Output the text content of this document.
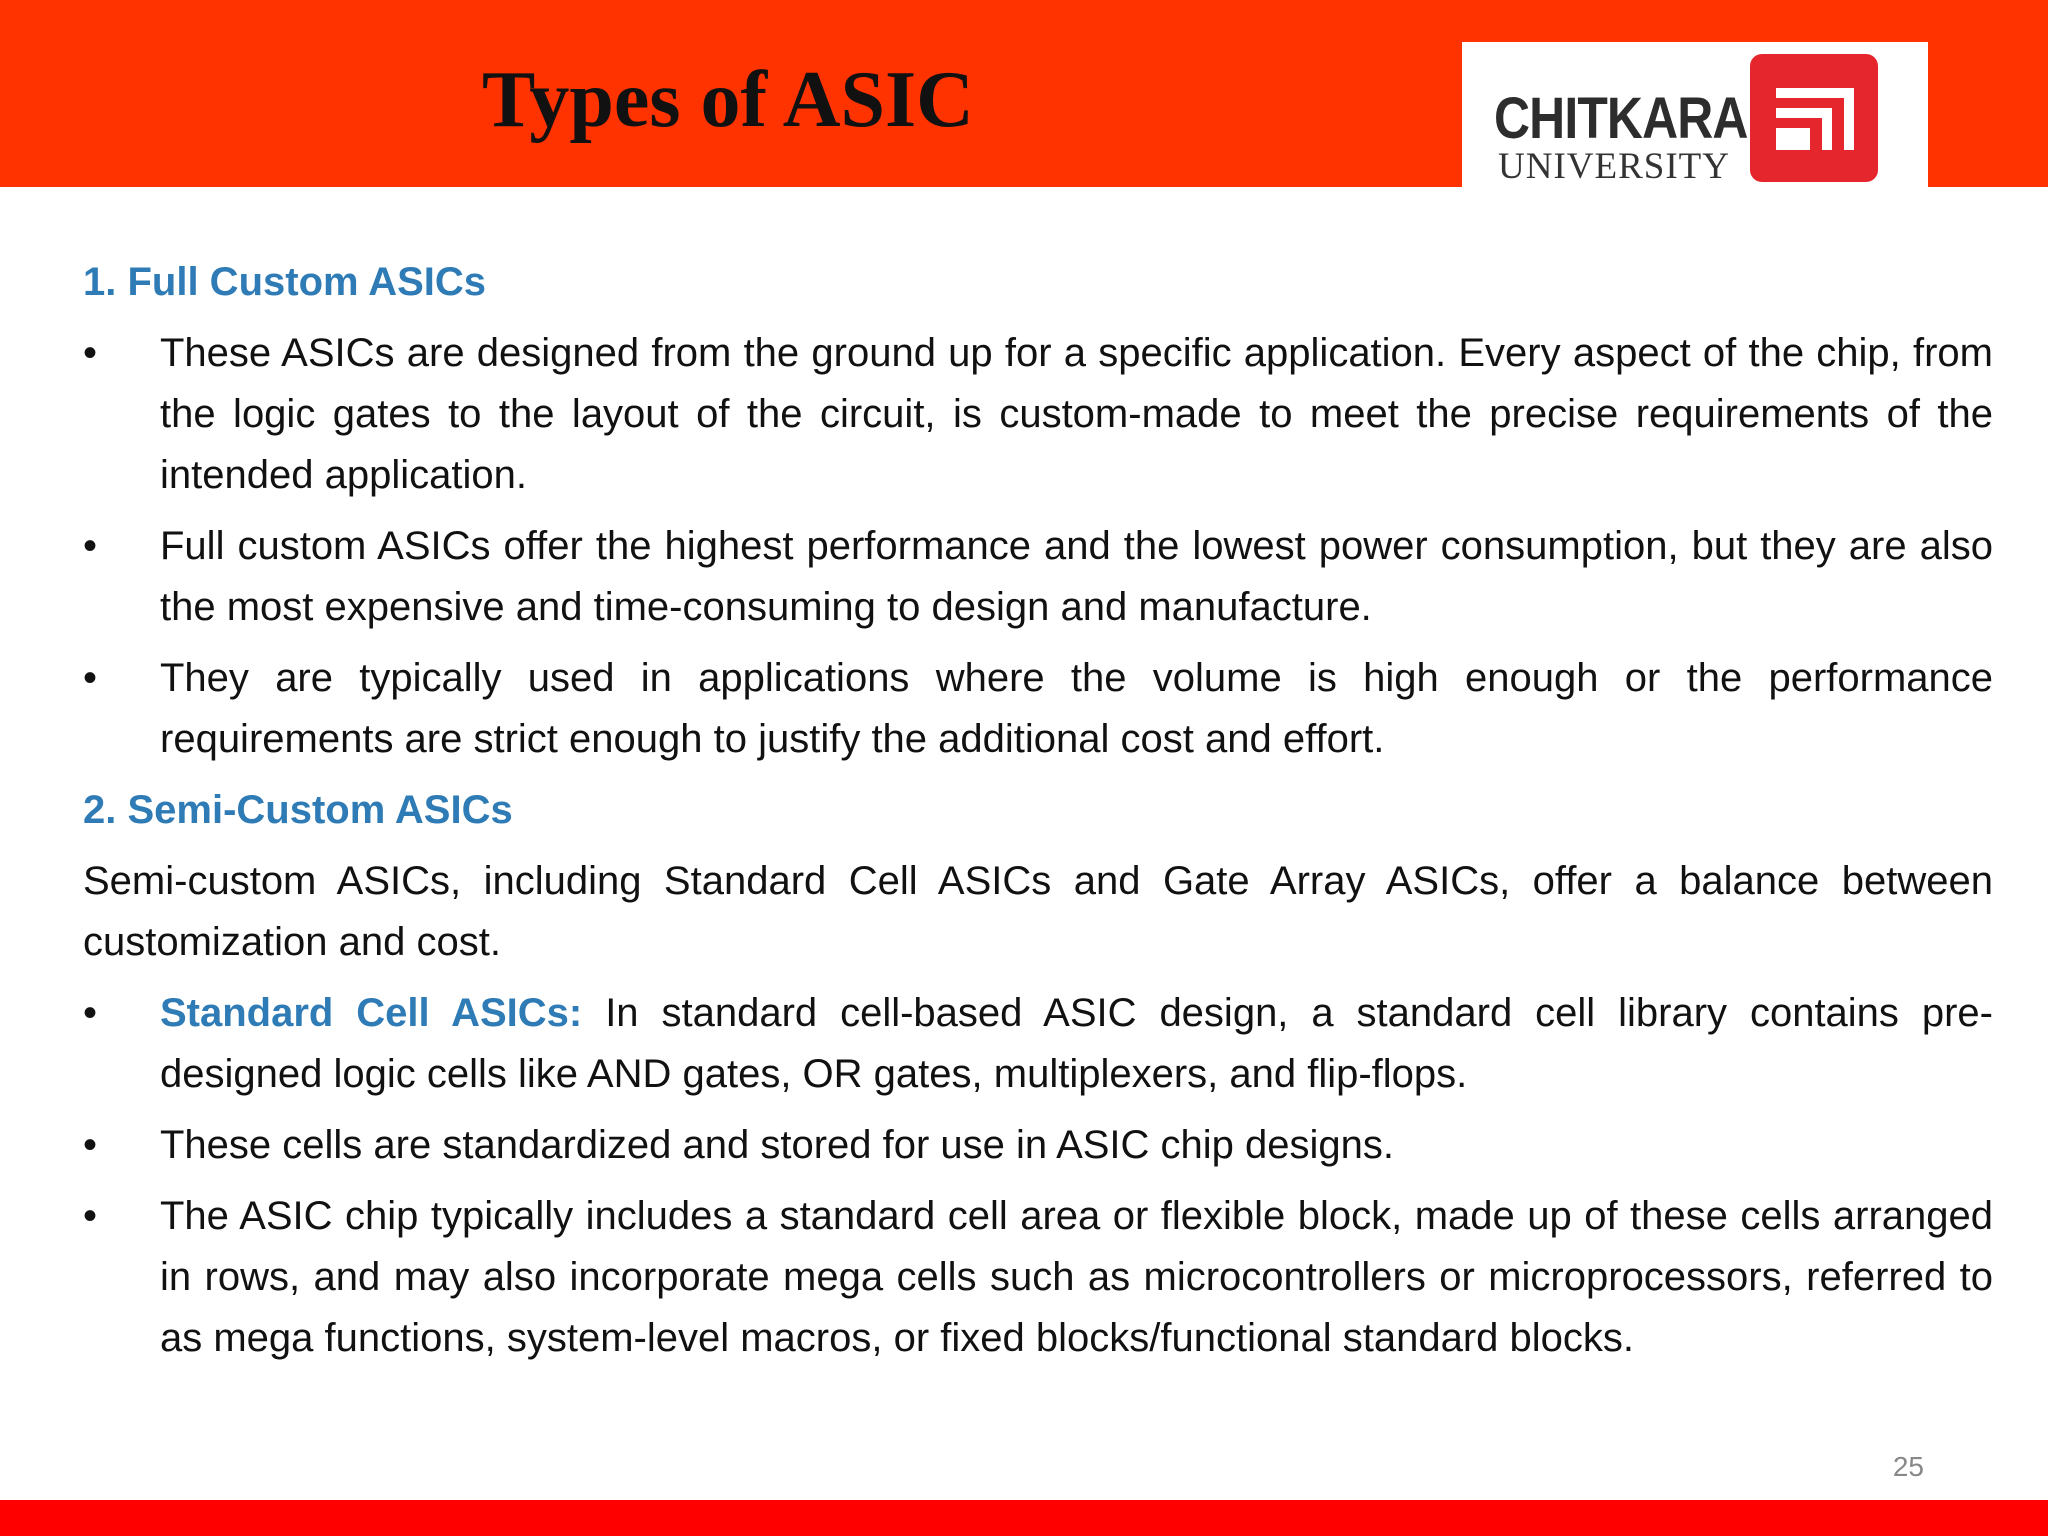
Types of ASIC	CHITKARA
UNIVERSITY
1. Full Custom ASICs
• These ASICs are designed from the ground up for a specific application. Every aspect of the chip, from the logic gates to the layout of the circuit, is custom-made to meet the precise requirements of the intended application.
• Full custom ASICs offer the highest performance and the lowest power consumption, but they are also the most expensive and time-consuming to design and manufacture.
• They are typically used in applications where the volume is high enough or the performance requirements are strict enough to justify the additional cost and effort.
2. Semi-Custom ASICs

Semi-custom ASICs, including Standard Cell ASICs and Gate Array ASICs, offer a balance between customization and cost.

• Standard Cell ASICs: In standard cell-based ASIC design, a standard cell library contains pre-designed logic cells like AND gates, OR gates, multiplexers, and flip-flops.
• These cells are standardized and stored for use in ASIC chip designs.
• The ASIC chip typically includes a standard cell area or flexible block, made up of these cells arranged in rows, and may also incorporate mega cells such as microcontrollers or microprocessors, referred to as mega functions, system-level macros, or fixed blocks/functional standard blocks.
25
